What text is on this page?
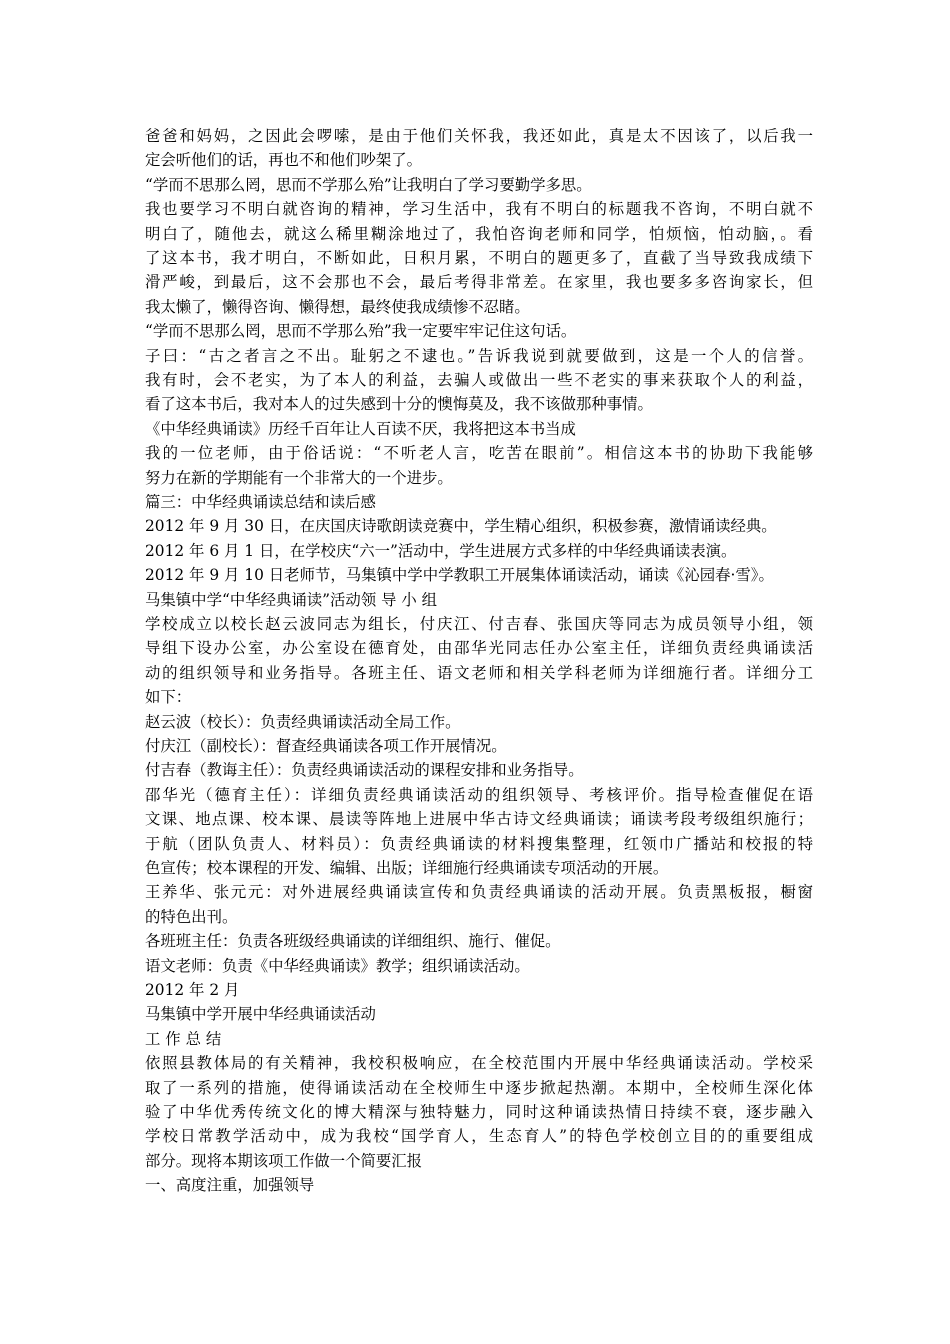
爸爸和妈妈，之因此会啰嗦，是由于他们关怀我，我还如此，真是太不因该了，以后我一
定会听他们的话，再也不和他们吵架了。
“学而不思那么罔，思而不学那么殆”让我明白了学习要勤学多思。
我也要学习不明白就咨询的精神，学习生活中，我有不明白的标题我不咨询，不明白就不
明白了，随他去，就这么稀里糊涂地过了，我怕咨询老师和同学，怕烦恼，怕动脑，。看
了这本书，我才明白，不断如此，日积月累，不明白的题更多了，直截了当导致我成绩下
滑严峻，到最后，这不会那也不会，最后考得非常差。在家里，我也要多多咨询家长，但
我太懒了，懒得咨询、懒得想，最终使我成绩惨不忍睹。
“学而不思那么罔，思而不学那么殆”我一定要牢牢记住这句话。
子曰：“古之者言之不出。耻躬之不逮也。”告诉我说到就要做到，这是一个人的信誉。
我有时，会不老实，为了本人的利益，去骗人或做出一些不老实的事来获取个人的利益，
看了这本书后，我对本人的过失感到十分的懊悔莫及，我不该做那种事情。
《中华经典诵读》历经千百年让人百读不厌，我将把这本书当成
我的一位老师，由于俗话说：“不听老人言，吃苦在眼前”。相信这本书的协助下我能够
努力在新的学期能有一个非常大的一个进步。
篇三：中华经典诵读总结和读后感
2012 年 9 月 30 日，在庆国庆诗歌朗读竞赛中，学生精心组织，积极参赛，激情诵读经典。
2012 年 6 月 1 日，在学校庆“六一”活动中，学生进展方式多样的中华经典诵读表演。
2012 年 9 月 10 日老师节，马集镇中学中学教职工开展集体诵读活动，诵读《沁园春·雪》。
马集镇中学“中华经典诵读”活动领 导 小 组
学校成立以校长赵云波同志为组长，付庆江、付吉春、张国庆等同志为成员领导小组，领
导组下设办公室，办公室设在德育处，由邵华光同志任办公室主任，详细负责经典诵读活
动的组织领导和业务指导。各班主任、语文老师和相关学科老师为详细施行者。详细分工
如下：
赵云波（校长）：负责经典诵读活动全局工作。
付庆江（副校长）：督查经典诵读各项工作开展情况。
付吉春（教诲主任）：负责经典诵读活动的课程安排和业务指导。
邵华光（德育主任）：详细负责经典诵读活动的组织领导、考核评价。指导检查催促在语
文课、地点课、校本课、晨读等阵地上进展中华古诗文经典诵读；诵读考段考级组织施行；
于航（团队负责人、材料员）：负责经典诵读的材料搜集整理，红领巾广播站和校报的特
色宣传；校本课程的开发、编辑、出版；详细施行经典诵读专项活动的开展。
王养华、张元元：对外进展经典诵读宣传和负责经典诵读的活动开展。负责黑板报，橱窗
的特色出刊。
各班班主任：负责各班级经典诵读的详细组织、施行、催促。
语文老师：负责《中华经典诵读》教学；组织诵读活动。
2012 年 2 月
马集镇中学开展中华经典诵读活动
工 作 总 结
依照县教体局的有关精神，我校积极响应，在全校范围内开展中华经典诵读活动。学校采
取了一系列的措施，使得诵读活动在全校师生中逐步掀起热潮。本期中，全校师生深化体
验了中华优秀传统文化的博大精深与独特魅力，同时这种诵读热情日持续不衰，逐步融入
学校日常教学活动中，成为我校“国学育人，生态育人”的特色学校创立目的的重要组成
部分。现将本期该项工作做一个简要汇报
一、高度注重，加强领导
